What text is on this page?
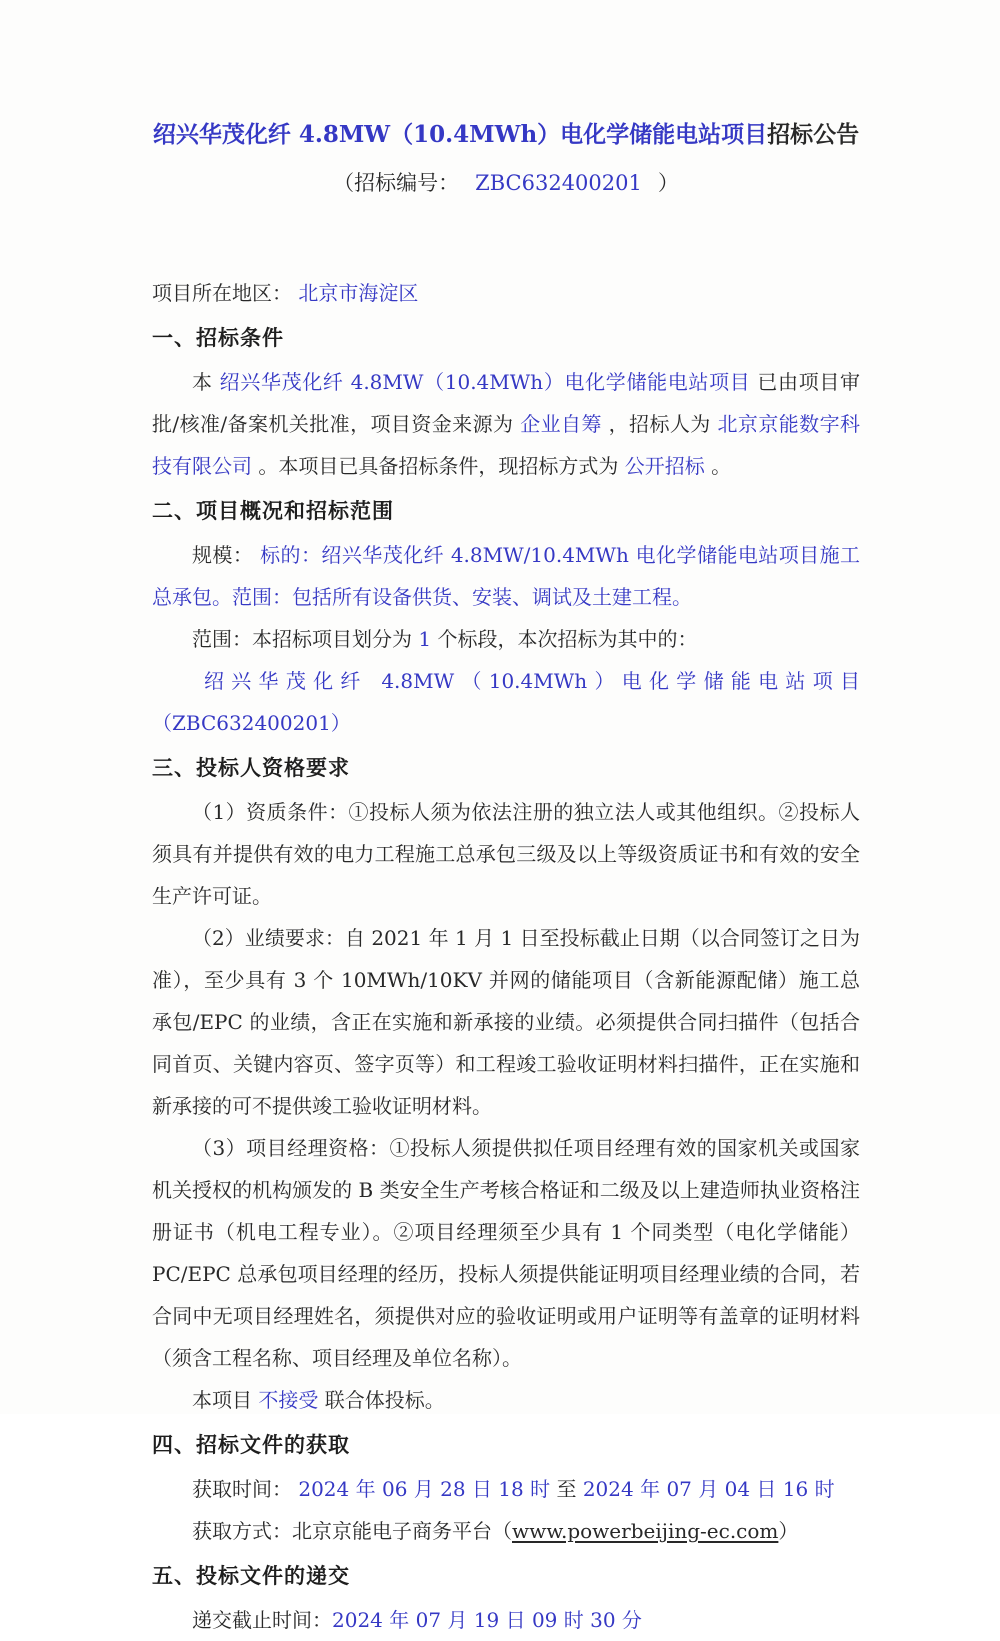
绍兴华茂化纤 4.8MW（10.4MWh）电化学储能电站项目招标公告

（招标编号： ZBC632400201 ）

项目所在地区： 北京市海淀区

一、招标条件

本 绍兴华茂化纤 4.8MW（10.4MWh）电化学储能电站项目 已由项目审批/核准/备案机关批准，项目资金来源为 企业自筹 ，招标人为 北京京能数字科技有限公司 。本项目已具备招标条件，现招标方式为 公开招标 。

二、项目概况和招标范围

规模： 标的：绍兴华茂化纤 4.8MW/10.4MWh 电化学储能电站项目施工总承包。范围：包括所有设备供货、安装、调试及土建工程。

范围：本招标项目划分为 1 个标段，本次招标为其中的：

绍兴华茂化纤 4.8MW（10.4MWh）电化学储能电站项目（ZBC632400201）

三、投标人资格要求

（1）资质条件：①投标人须为依法注册的独立法人或其他组织。②投标人须具有并提供有效的电力工程施工总承包三级及以上等级资质证书和有效的安全生产许可证。

（2）业绩要求：自 2021 年 1 月 1 日至投标截止日期（以合同签订之日为准），至少具有 3 个 10MWh/10KV 并网的储能项目（含新能源配储）施工总承包/EPC 的业绩，含正在实施和新承接的业绩。必须提供合同扫描件（包括合同首页、关键内容页、签字页等）和工程竣工验收证明材料扫描件，正在实施和新承接的可不提供竣工验收证明材料。

（3）项目经理资格：①投标人须提供拟任项目经理有效的国家机关或国家机关授权的机构颁发的 B 类安全生产考核合格证和二级及以上建造师执业资格注册证书（机电工程专业）。②项目经理须至少具有 1 个同类型（电化学储能）PC/EPC 总承包项目经理的经历，投标人须提供能证明项目经理业绩的合同，若合同中无项目经理姓名，须提供对应的验收证明或用户证明等有盖章的证明材料（须含工程名称、项目经理及单位名称）。

本项目 不接受 联合体投标。

四、招标文件的获取

获取时间： 2024 年 06 月 28 日 18 时 至 2024 年 07 月 04 日 16 时

获取方式：北京京能电子商务平台（www.powerbeijing-ec.com）

五、投标文件的递交

递交截止时间：2024 年 07 月 19 日 09 时 30 分
